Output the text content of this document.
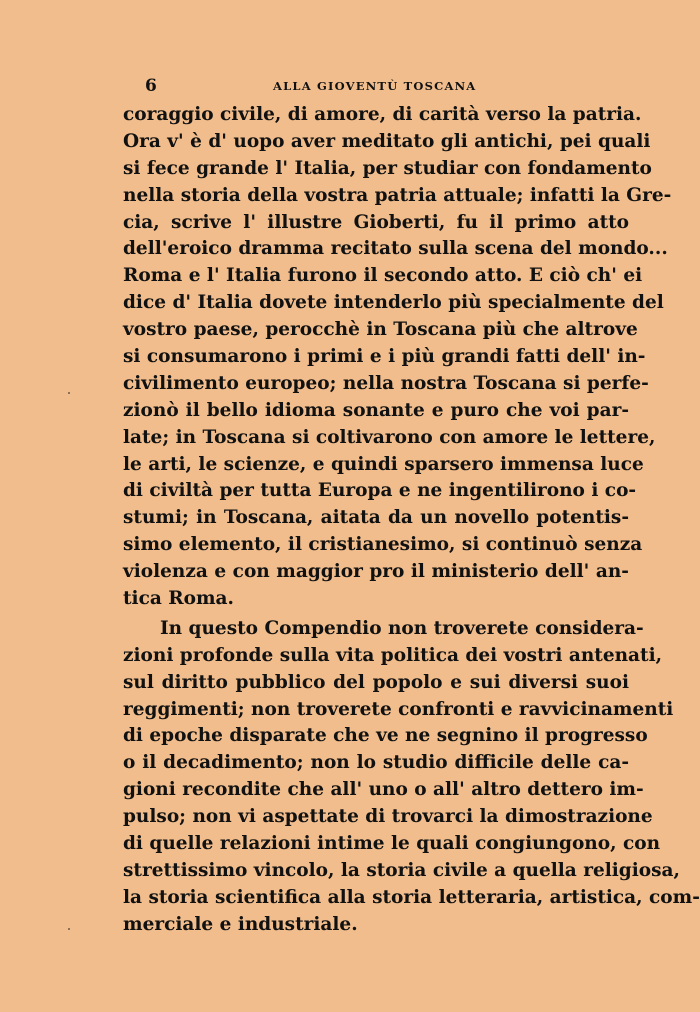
6	ALLA GIOVENTÙ TOSCANA
coraggio civile, di amore, di carità verso la patria.
Ora v' è d' uopo aver meditato gli antichi, pei quali
si fece grande l' Italia, per studiar con fondamento
nella storia della vostra patria attuale; infatti la Gre-
cia, scrive l' illustre Gioberti, fu il primo atto
dell'eroico dramma recitato sulla scena del mondo...
Roma e l' Italia furono il secondo atto. E ciò ch' ei
dice d' Italia dovete intenderlo più specialmente del
vostro paese, perocchè in Toscana più che altrove
si consumarono i primi e i più grandi fatti dell' in-
civilimento europeo; nella nostra Toscana si perfe-
zionò il bello idioma sonante e puro che voi par-
late; in Toscana si coltivarono con amore le lettere,
le arti, le scienze, e quindi sparsero immensa luce
di civiltà per tutta Europa e ne ingentilirono i co-
stumi; in Toscana, aitata da un novello potentis-
simo elemento, il cristianesimo, si continuò senza
violenza e con maggior pro il ministerio dell' an-
tica Roma.
In questo Compendio non troverete considera-
zioni profonde sulla vita politica dei vostri antenati,
sul diritto pubblico del popolo e sui diversi suoi
reggimenti; non troverete confronti e ravvicinamenti
di epoche disparate che ve ne segnino il progresso
o il decadimento; non lo studio difficile delle ca-
gioni recondite che all' uno o all' altro dettero im-
pulso; non vi aspettate di trovarci la dimostrazione
di quelle relazioni intime le quali congiungono, con
strettissimo vincolo, la storia civile a quella religiosa,
la storia scientifica alla storia letteraria, artistica, com-
merciale e industriale.
